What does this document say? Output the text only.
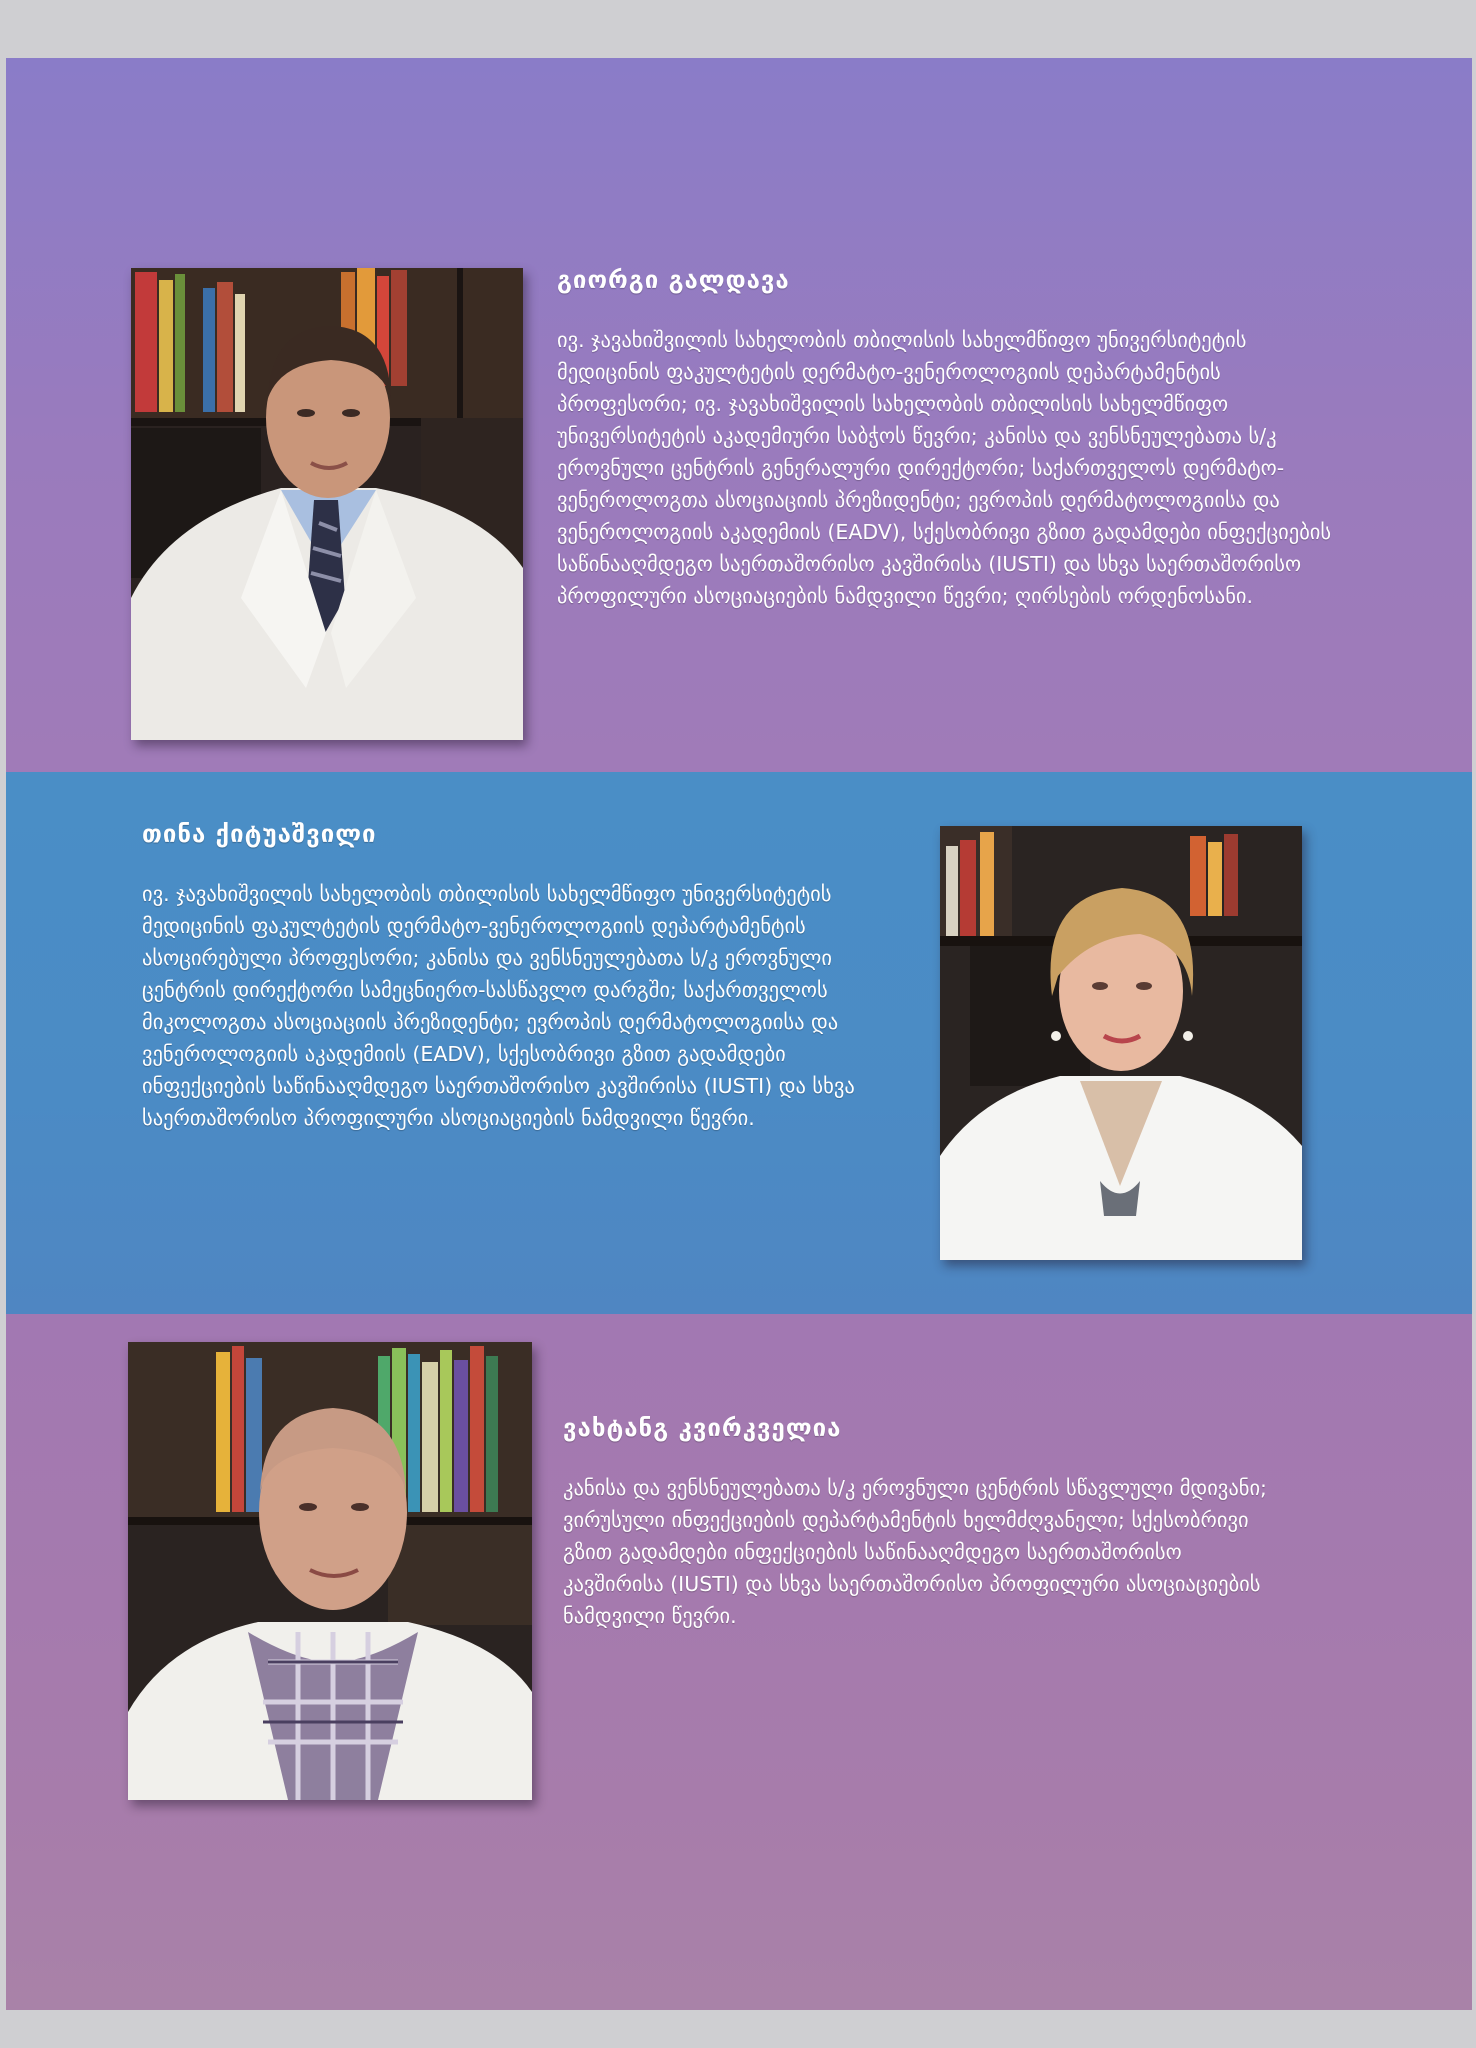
გიორგი გალდავა

ივ. ჯავახიშვილის სახელობის თბილისის სახელმწიფო უნივერსიტეტის მედიცინის ფაკულტეტის დერმატო-ვენეროლოგიის დეპარტამენტის პროფესორი; ივ. ჯავახიშვილის სახელობის თბილისის სახელმწიფო უნივერსიტეტის აკადემიური საბჭოს წევრი; კანისა და ვენსნეულებათა ს/კ ეროვნული ცენტრის გენერალური დირექტორი; საქართველოს დერმატო-ვენეროლოგთა ასოციაციის პრეზიდენტი; ევროპის დერმატოლოგიისა და ვენეროლოგიის აკადემიის (EADV), სქესობრივი გზით გადამდები ინფექციების საწინააღმდეგო საერთაშორისო კავშირისა (IUSTI) და სხვა საერთაშორისო პროფილური ასოციაციების ნამდვილი წევრი; ღირსების ორდენოსანი.

თინა ქიტუაშვილი

ივ. ჯავახიშვილის სახელობის თბილისის სახელმწიფო უნივერსიტეტის მედიცინის ფაკულტეტის დერმატო-ვენეროლოგიის დეპარტამენტის ასოცირებული პროფესორი; კანისა და ვენსნეულებათა ს/კ ეროვნული ცენტრის დირექტორი სამეცნიერო-სასწავლო დარგში; საქართველოს მიკოლოგთა ასოციაციის პრეზიდენტი; ევროპის დერმატოლოგიისა და ვენეროლოგიის აკადემიის (EADV), სქესობრივი გზით გადამდები ინფექციების საწინააღმდეგო საერთაშორისო კავშირისა (IUSTI) და სხვა საერთაშორისო პროფილური ასოციაციების ნამდვილი წევრი.

ვახტანგ კვირკველია

კანისა და ვენსნეულებათა ს/კ ეროვნული ცენტრის სწავლული მდივანი; ვირუსული ინფექციების დეპარტამენტის ხელმძღვანელი; სქესობრივი გზით გადამდები ინფექციების საწინააღმდეგო საერთაშორისო კავშირისა (IUSTI) და სხვა საერთაშორისო პროფილური ასოციაციების ნამდვილი წევრი.
